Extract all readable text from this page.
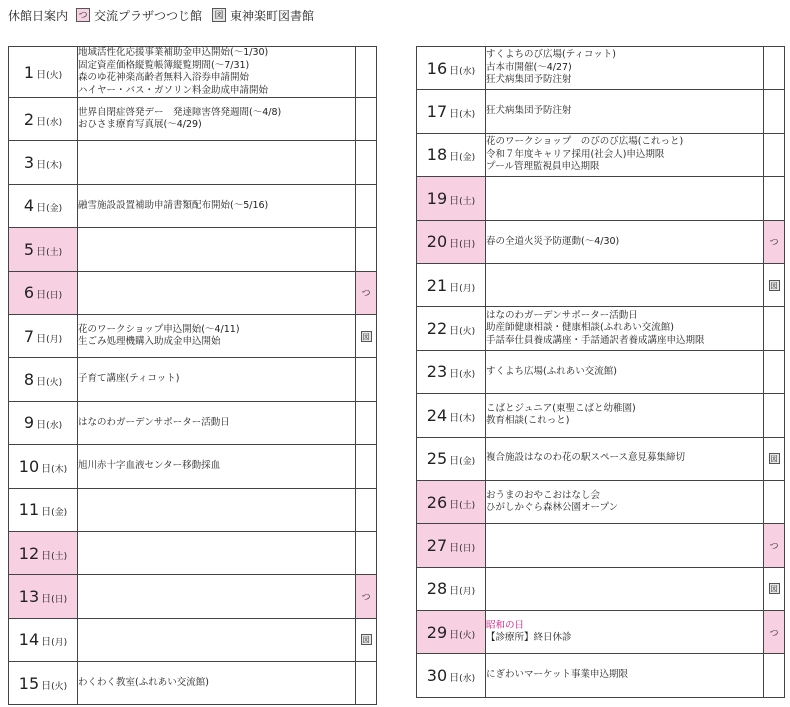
休館日案内 つ 交流プラザつつじ館 図 東神楽町図書館
1 日(火)	地域活性化応援事業補助金申込開始(～1/30)
固定資産価格縦覧帳簿縦覧期間(～7/31)
森のゆ花神楽高齢者無料入浴券申請開始
ハイヤー・バス・ガソリン料金助成申請開始	

2 日(水)	世界自閉症啓発デー　発達障害啓発週間(～4/8)
おひさま療育写真展(～4/29)	

3 日(木)		
4 日(金)	融雪施設設置補助申請書類配布開始(～5/16)	

5 日(土)		
6 日(日)		つ
7 日(月)	花のワークショップ申込開始(～4/11)
生ごみ処理機購入助成金申込開始	図
8 日(火)	子育て講座(ティコット)	

9 日(水)	はなのわガーデンサポーター活動日	

10 日(木)	旭川赤十字血液センター移動採血	

11 日(金)		
12 日(土)		
13 日(日)		つ
14 日(月)		図
15 日(火)	わくわく教室(ふれあい交流館)	

16 日(水)	すくよちのび広場(ティコット)
古本市開催(～4/27)
狂犬病集団予防注射	

17 日(木)	狂犬病集団予防注射	

18 日(金)	花のワークショップ　のびのび広場(これっと)
令和７年度キャリア採用(社会人)申込期限
プール管理監視員申込期限	

19 日(土)		
20 日(日)	春の全道火災予防運動(～4/30)	つ
21 日(月)		図
22 日(火)	はなのわガーデンサポーター活動日
助産師健康相談・健康相談(ふれあい交流館)
手話奉仕員養成講座・手話通訳者養成講座申込期限	

23 日(水)	すくよち広場(ふれあい交流館)	

24 日(木)	こばとジュニア(東聖こばと幼稚園)
教育相談(これっと)	

25 日(金)	複合施設はなのわ花の駅スペース意見募集締切	図
26 日(土)	おうまのおやこおはなし会
ひがしかぐら森林公園オープン	

27 日(日)		つ
28 日(月)		図
29 日(火)	昭和の日
【診療所】終日休診	つ
30 日(水)	にぎわいマーケット事業申込期限	
